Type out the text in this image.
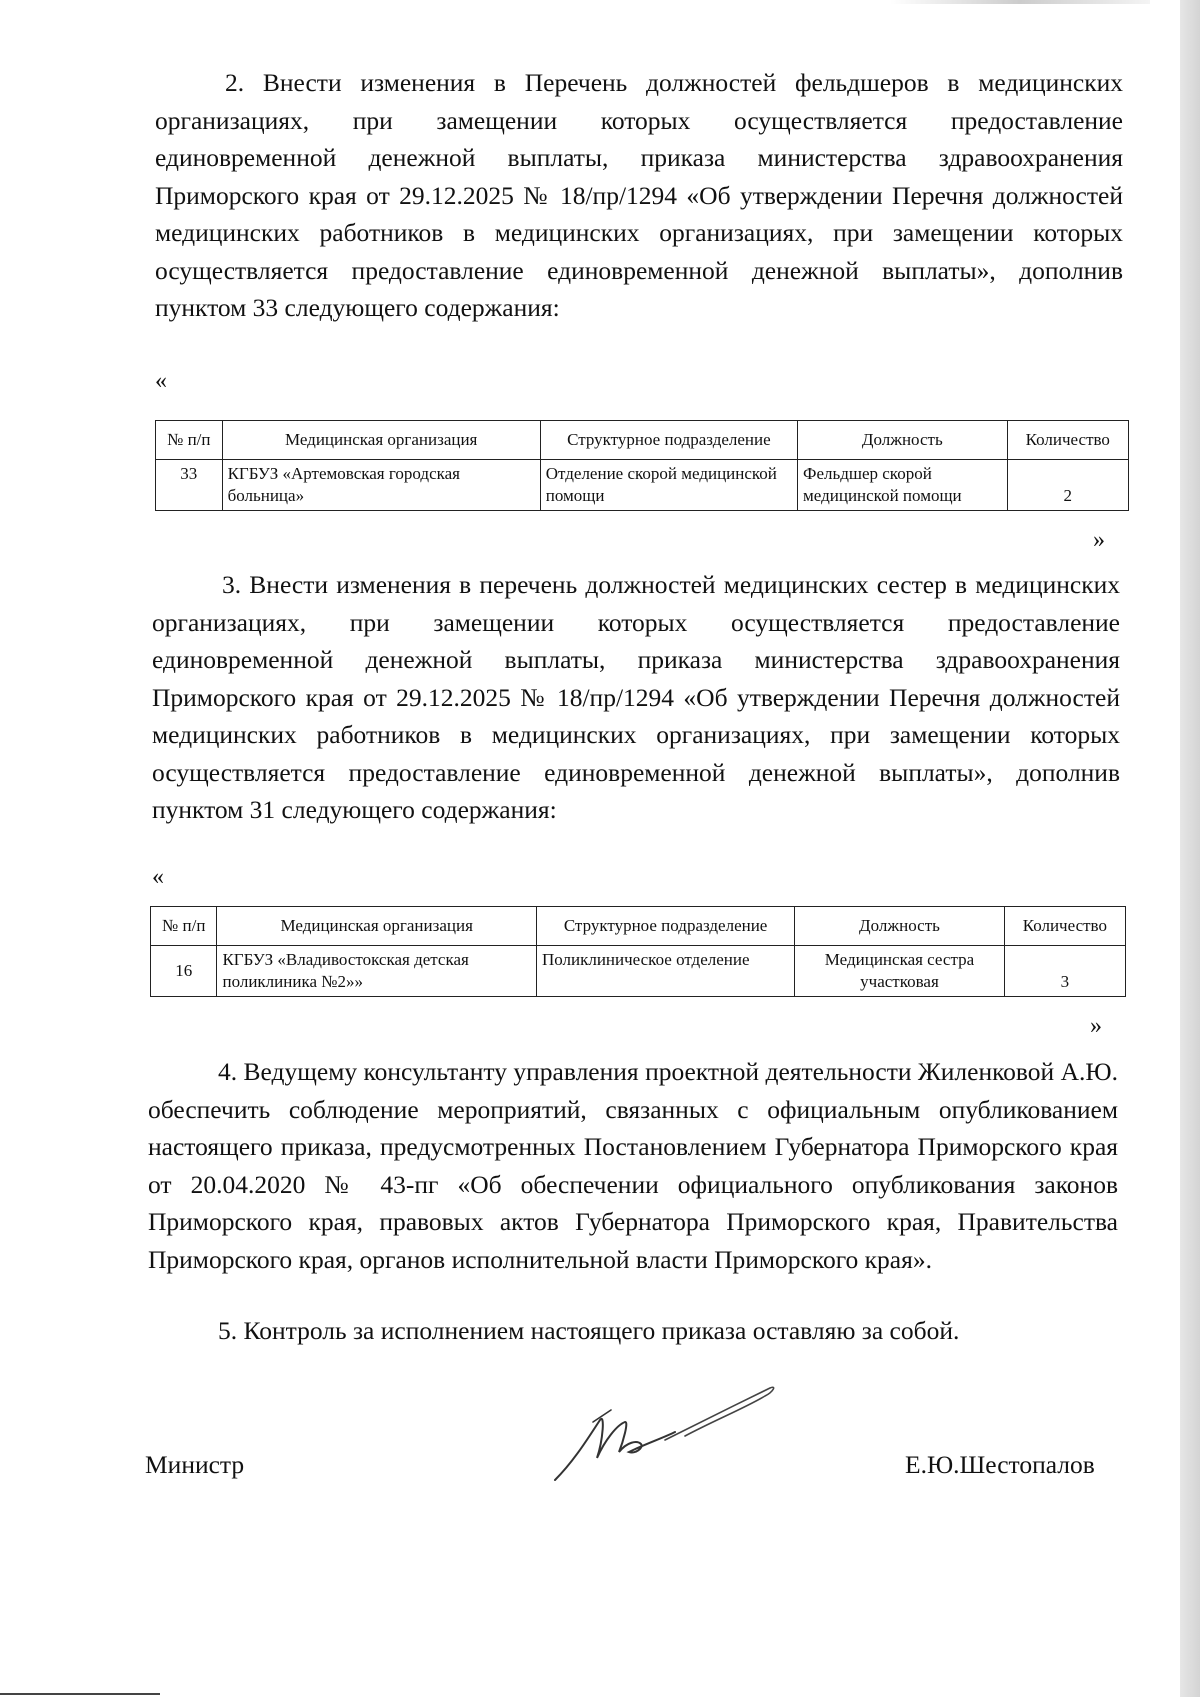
2. Внести изменения в Перечень должностей фельдшеров в медицинских организациях, при замещении которых осуществляется предоставление единовременной денежной выплаты, приказа министерства здравоохранения Приморского края от 29.12.2025 № 18/пр/1294 «Об утверждении Перечня должностей медицинских работников в медицинских организациях, при замещении которых осуществляется предоставление единовременной денежной выплаты», дополнив пунктом 33 следующего содержания:

«
№ п/п	Медицинская организация	Структурное подразделение	Должность	Количество
33	КГБУЗ «Артемовская городская больница»	Отделение скорой медицинской помощи	Фельдшер скорой медицинской помощи	2
»

3. Внести изменения в перечень должностей медицинских сестер в медицинских организациях, при замещении которых осуществляется предоставление единовременной денежной выплаты, приказа министерства здравоохранения Приморского края от 29.12.2025 № 18/пр/1294 «Об утверждении Перечня должностей медицинских работников в медицинских организациях, при замещении которых осуществляется предоставление единовременной денежной выплаты», дополнив пунктом 31 следующего содержания:

«
№ п/п	Медицинская организация	Структурное подразделение	Должность	Количество
16	КГБУЗ «Владивостокская детская поликлиника №2»»	Поликлиническое отделение	Медицинская сестра участковая	3
»

4. Ведущему консультанту управления проектной деятельности Жиленковой А.Ю. обеспечить соблюдение мероприятий, связанных с официальным опубликованием настоящего приказа, предусмотренных Постановлением Губернатора Приморского края от 20.04.2020 № 43-пг «Об обеспечении официального опубликования законов Приморского края, правовых актов Губернатора Приморского края, Правительства Приморского края, органов исполнительной власти Приморского края».

5. Контроль за исполнением настоящего приказа оставляю за собой.

Министр	Е.Ю.Шестопалов
